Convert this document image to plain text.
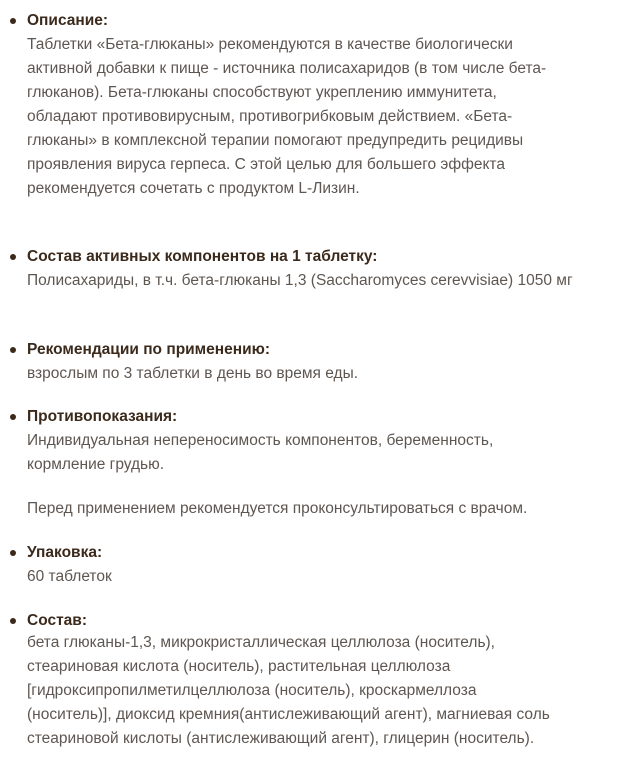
Описание:
Таблетки «Бета-глюканы» рекомендуются в качестве биологически
активной добавки к пище - источника полисахаридов (в том числе бета-
глюканов). Бета-глюканы способствуют укреплению иммунитета,
обладают противовирусным, противогрибковым действием. «Бета-
глюканы» в комплексной терапии помогают предупредить рецидивы
проявления вируса герпеса. С этой целью для большего эффекта
рекомендуется сочетать с продуктом L-Лизин.
Состав активных компонентов на 1 таблетку:
Полисахариды, в т.ч. бета-глюканы 1,3 (Saccharomyces cerevvisiae) 1050 мг
Рекомендации по применению:
взрослым по 3 таблетки в день во время еды.
Противопоказания:
Индивидуальная непереносимость компонентов, беременность,
кормление грудью.
Перед применением рекомендуется проконсультироваться с врачом.
Упаковка:
60 таблеток
Состав:
бета глюканы-1,3, микрокристаллическая целлюлоза (носитель),
стеариновая кислота (носитель), растительная целлюлоза
[гидроксипропилметилцеллюлоза (носитель), кроскармеллоза
(носитель)], диоксид кремния(антислеживающий агент), магниевая соль
стеариновой кислоты (антислеживающий агент), глицерин (носитель).
